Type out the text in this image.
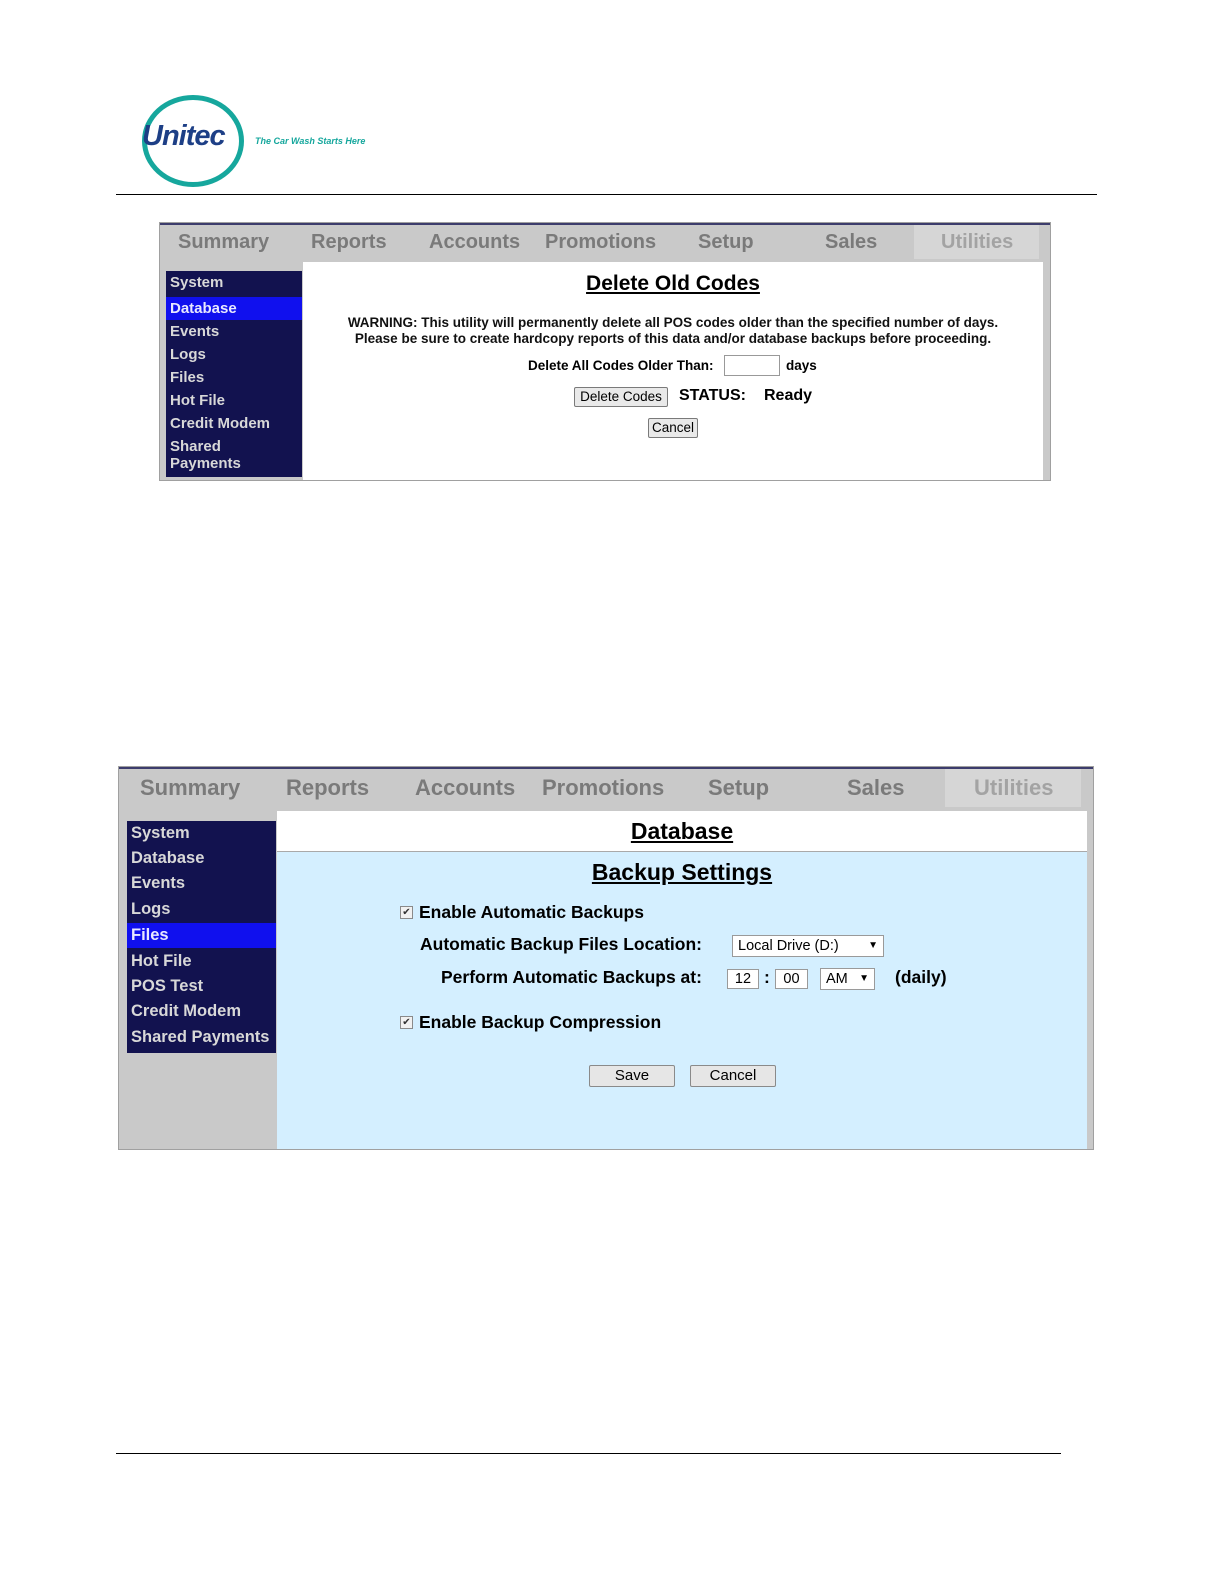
Unitec	The Car Wash Starts Here
Summary Reports Accounts Promotions Setup	Sales	Utilities
System
Database
Events
Logs
Files
Hot File
Credit Modem
Shared Payments
Delete Old Codes
WARNING: This utility will permanently delete all POS codes older than the specified number of days.
Please be sure to create hardcopy reports of this data and/or database backups before proceeding.
Delete All Codes Older Than:	days
Delete Codes	STATUS: Ready
Cancel
Summary Reports Accounts Promotions Setup	Sales	Utilities
System
Database
Events
Logs
Files
Hot File
POS Test
Credit Modem
Shared Payments
Database
Backup Settings
✔ Enable Automatic Backups
Automatic Backup Files Location:	Local Drive (D:)	▼
Perform Automatic Backups at:	12 : 00	AM ▼ (daily)
✔ Enable Backup Compression
Save	Cancel
